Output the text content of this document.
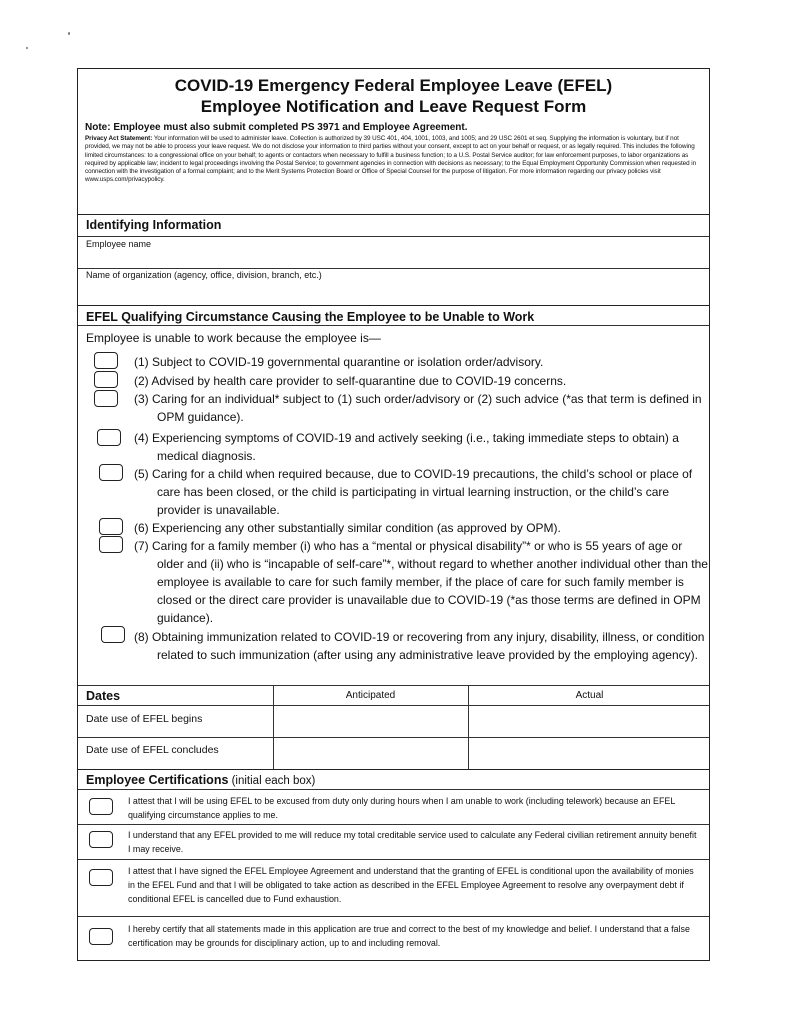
COVID-19 Emergency Federal Employee Leave (EFEL)
Employee Notification and Leave Request Form
Note: Employee must also submit completed PS 3971 and Employee Agreement.
Privacy Act Statement: Your information will be used to administer leave. Collection is authorized by 39 USC 401, 404, 1001, 1003, and 1005; and 29 USC 2601 et seq. Supplying the information is voluntary, but if not provided, we may not be able to process your leave request. We do not disclose your information to third parties without your consent, except to act on your behalf or request, or as legally required. This includes the following limited circumstances: to a congressional office on your behalf; to agents or contactors when necessary to fulfill a business function; to a U.S. Postal Service auditor; for law enforcement purposes, to labor organizations as required by applicable law; incident to legal proceedings involving the Postal Service; to government agencies in connection with decisions as necessary; to the Equal Employment Opportunity Commission when requested in connection with the investigation of a formal complaint; and to the Merit Systems Protection Board or Office of Special Counsel for the purpose of litigation. For more information regarding our privacy policies visit www.usps.com/privacypolicy.
Identifying Information
Employee name
Name of organization (agency, office, division, branch, etc.)
EFEL Qualifying Circumstance Causing the Employee to be Unable to Work
Employee is unable to work because the employee is—
(1) Subject to COVID-19 governmental quarantine or isolation order/advisory.
(2) Advised by health care provider to self-quarantine due to COVID-19 concerns.
(3) Caring for an individual* subject to (1) such order/advisory or (2) such advice (*as that term is defined in OPM guidance).
(4) Experiencing symptoms of COVID-19 and actively seeking (i.e., taking immediate steps to obtain) a medical diagnosis.
(5) Caring for a child when required because, due to COVID-19 precautions, the child’s school or place of care has been closed, or the child is participating in virtual learning instruction, or the child’s care provider is unavailable.
(6) Experiencing any other substantially similar condition (as approved by OPM).
(7) Caring for a family member (i) who has a “mental or physical disability”* or who is 55 years of age or older and (ii) who is “incapable of self-care”*, without regard to whether another individual other than the employee is available to care for such family member, if the place of care for such family member is closed or the direct care provider is unavailable due to COVID-19 (*as those terms are defined in OPM guidance).
(8) Obtaining immunization related to COVID-19 or recovering from any injury, disability, illness, or condition related to such immunization (after using any administrative leave provided by the employing agency).
Dates	Anticipated	Actual
Date use of EFEL begins
Date use of EFEL concludes
Employee Certifications (initial each box)
I attest that I will be using EFEL to be excused from duty only during hours when I am unable to work (including telework) because an EFEL qualifying circumstance applies to me.
I understand that any EFEL provided to me will reduce my total creditable service used to calculate any Federal civilian retirement annuity benefit I may receive.
I attest that I have signed the EFEL Employee Agreement and understand that the granting of EFEL is conditional upon the availability of monies in the EFEL Fund and that I will be obligated to take action as described in the EFEL Employee Agreement to resolve any overpayment debt if conditional EFEL is cancelled due to Fund exhaustion.
I hereby certify that all statements made in this application are true and correct to the best of my knowledge and belief. I understand that a false certification may be grounds for disciplinary action, up to and including removal.
